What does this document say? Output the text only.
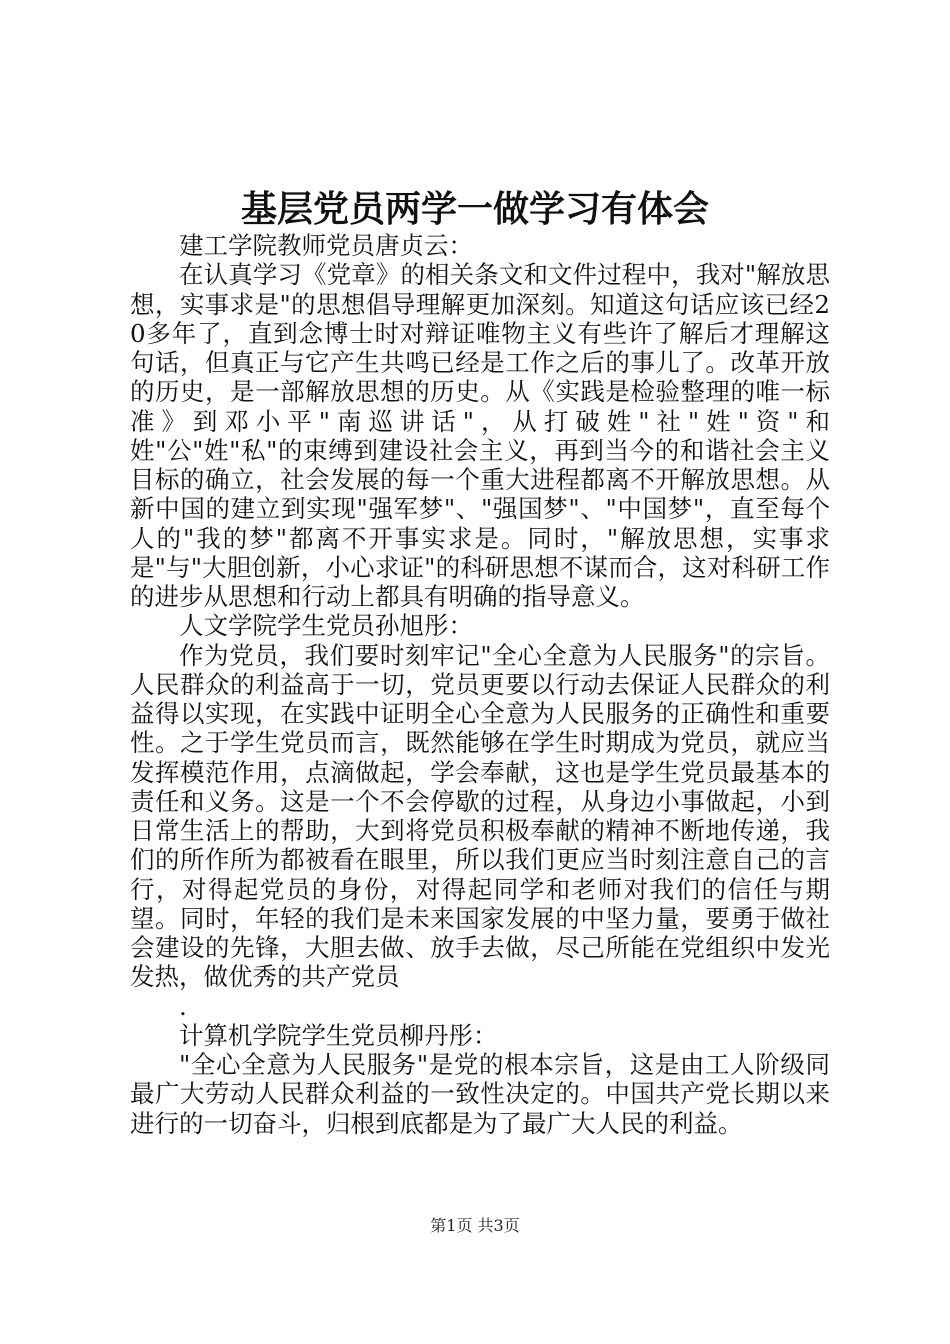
基层党员两学一做学习有体会

建工学院教师党员唐贞云：

在认真学习《党章》的相关条文和文件过程中，我对"解放思想，实事求是"的思想倡导理解更加深刻。知道这句话应该已经20多年了，直到念博士时对辩证唯物主义有些许了解后才理解这句话，但真正与它产生共鸣已经是工作之后的事儿了。改革开放的历史，是一部解放思想的历史。从《实践是检验整理的唯一标准》到邓小平"南巡讲话"，从打破姓"社"姓"资"和姓"公"姓"私"的束缚到建设社会主义，再到当今的和谐社会主义目标的确立，社会发展的每一个重大进程都离不开解放思想。从新中国的建立到实现"强军梦"、"强国梦"、"中国梦"，直至每个人的"我的梦"都离不开事实求是。同时，"解放思想，实事求是"与"大胆创新，小心求证"的科研思想不谋而合，这对科研工作的进步从思想和行动上都具有明确的指导意义。

人文学院学生党员孙旭彤：

作为党员，我们要时刻牢记"全心全意为人民服务"的宗旨。人民群众的利益高于一切，党员更要以行动去保证人民群众的利益得以实现，在实践中证明全心全意为人民服务的正确性和重要性。之于学生党员而言，既然能够在学生时期成为党员，就应当发挥模范作用，点滴做起，学会奉献，这也是学生党员最基本的责任和义务。这是一个不会停歇的过程，从身边小事做起，小到日常生活上的帮助，大到将党员积极奉献的精神不断地传递，我们的所作所为都被看在眼里，所以我们更应当时刻注意自己的言行，对得起党员的身份，对得起同学和老师对我们的信任与期望。同时，年轻的我们是未来国家发展的中坚力量，要勇于做社会建设的先锋，大胆去做、放手去做，尽己所能在党组织中发光发热，做优秀的共产党员

.

计算机学院学生党员柳丹彤：

"全心全意为人民服务"是党的根本宗旨，这是由工人阶级同最广大劳动人民群众利益的一致性决定的。中国共产党长期以来进行的一切奋斗，归根到底都是为了最广大人民的利益。

第1页 共3页
